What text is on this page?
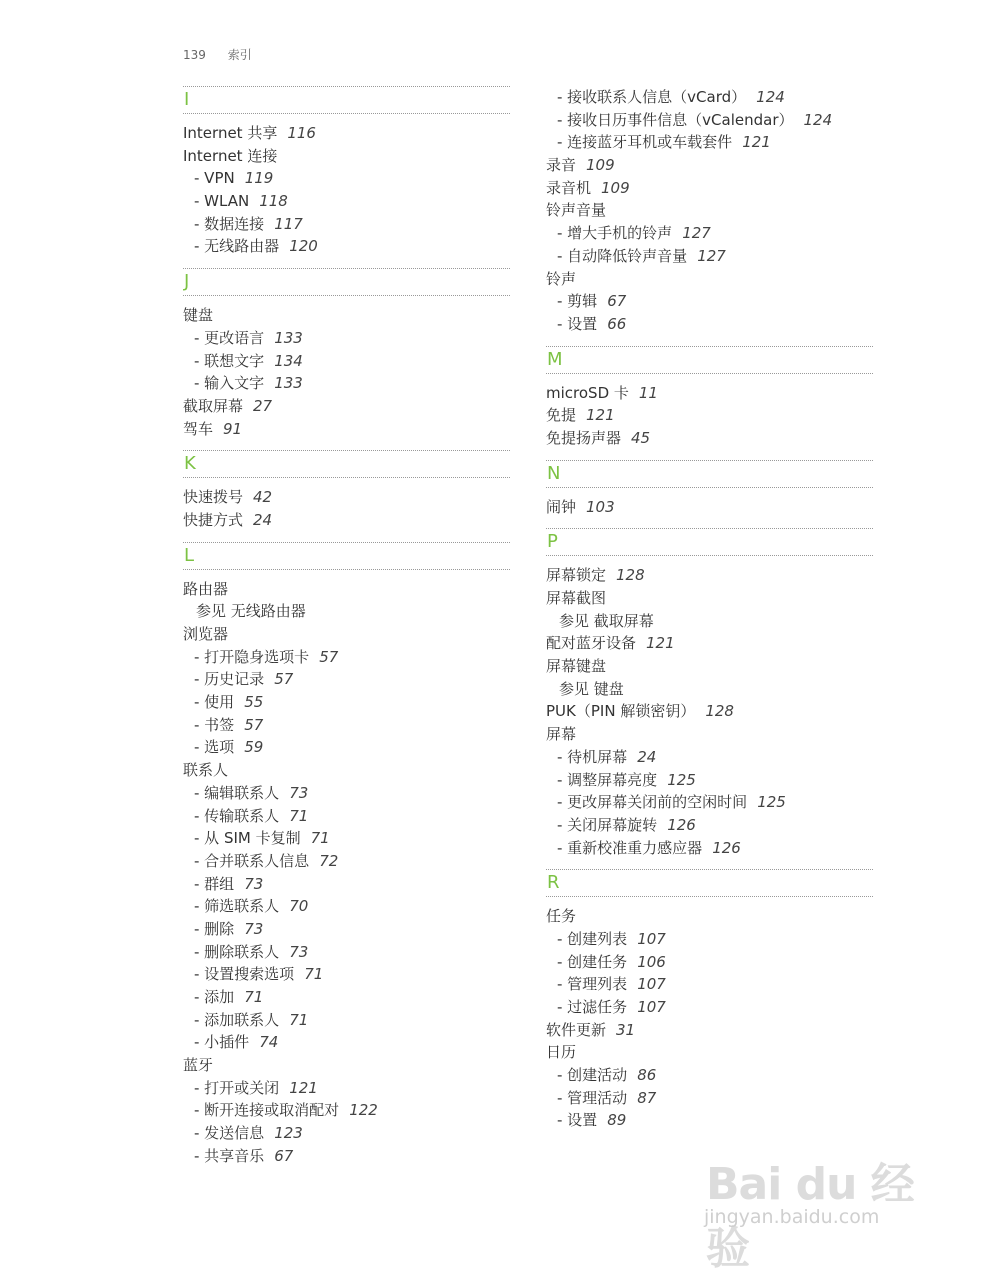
139 索引
I
Internet 共享 116
Internet 连接
- VPN 119
- WLAN 118
- 数据连接 117
- 无线路由器 120
J
键盘
- 更改语言 133
- 联想文字 134
- 输入文字 133
截取屏幕 27
驾车 91
K
快速拨号 42
快捷方式 24
L
路由器
参见 无线路由器
浏览器
- 打开隐身选项卡 57
- 历史记录 57
- 使用 55
- 书签 57
- 选项 59
联系人
- 编辑联系人 73
- 传输联系人 71
- 从 SIM 卡复制 71
- 合并联系人信息 72
- 群组 73
- 筛选联系人 70
- 删除 73
- 删除联系人 73
- 设置搜索选项 71
- 添加 71
- 添加联系人 71
- 小插件 74
蓝牙
- 打开或关闭 121
- 断开连接或取消配对 122
- 发送信息 123
- 共享音乐 67
- 接收联系人信息（vCard） 124
- 接收日历事件信息（vCalendar） 124
- 连接蓝牙耳机或车载套件 121
录音 109
录音机 109
铃声音量
- 增大手机的铃声 127
- 自动降低铃声音量 127
铃声
- 剪辑 67
- 设置 66
M
microSD 卡 11
免提 121
免提扬声器 45
N
闹钟 103
P
屏幕锁定 128
屏幕截图
参见 截取屏幕
配对蓝牙设备 121
屏幕键盘
参见 键盘
PUK（PIN 解锁密钥） 128
屏幕
- 待机屏幕 24
- 调整屏幕亮度 125
- 更改屏幕关闭前的空闲时间 125
- 关闭屏幕旋转 126
- 重新校准重力感应器 126
R
任务
- 创建列表 107
- 创建任务 106
- 管理列表 107
- 过滤任务 107
软件更新 31
日历
- 创建活动 86
- 管理活动 87
- 设置 89
Bai du 经验
jingyan.baidu.com
